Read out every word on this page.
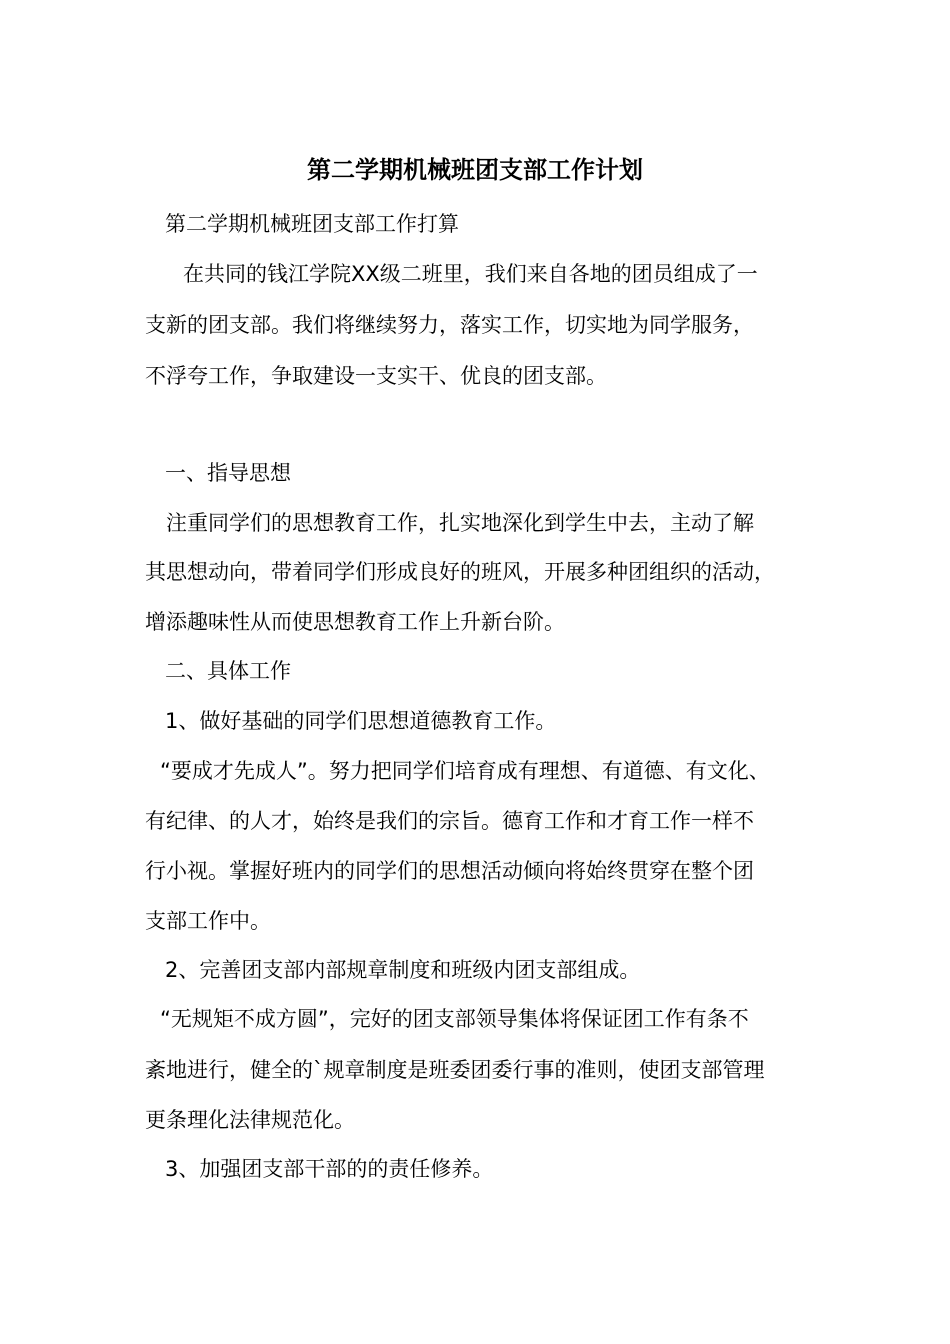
第二学期机械班团支部工作计划
第二学期机械班团支部工作打算
在共同的钱江学院XX级二班里，我们来自各地的团员组成了一
支新的团支部。我们将继续努力，落实工作，切实地为同学服务，
不浮夸工作，争取建设一支实干、优良的团支部。
一、指导思想
注重同学们的思想教育工作，扎实地深化到学生中去，主动了解
其思想动向，带着同学们形成良好的班风，开展多种团组织的活动，
增添趣味性从而使思想教育工作上升新台阶。
二、具体工作
1、做好基础的同学们思想道德教育工作。
“要成才先成人”。努力把同学们培育成有理想、有道德、有文化、
有纪律、的人才，始终是我们的宗旨。德育工作和才育工作一样不
行小视。掌握好班内的同学们的思想活动倾向将始终贯穿在整个团
支部工作中。
2、完善团支部内部规章制度和班级内团支部组成。
“无规矩不成方圆”，完好的团支部领导集体将保证团工作有条不
紊地进行，健全的`规章制度是班委团委行事的准则，使团支部管理
更条理化法律规范化。
3、加强团支部干部的的责任修养。
